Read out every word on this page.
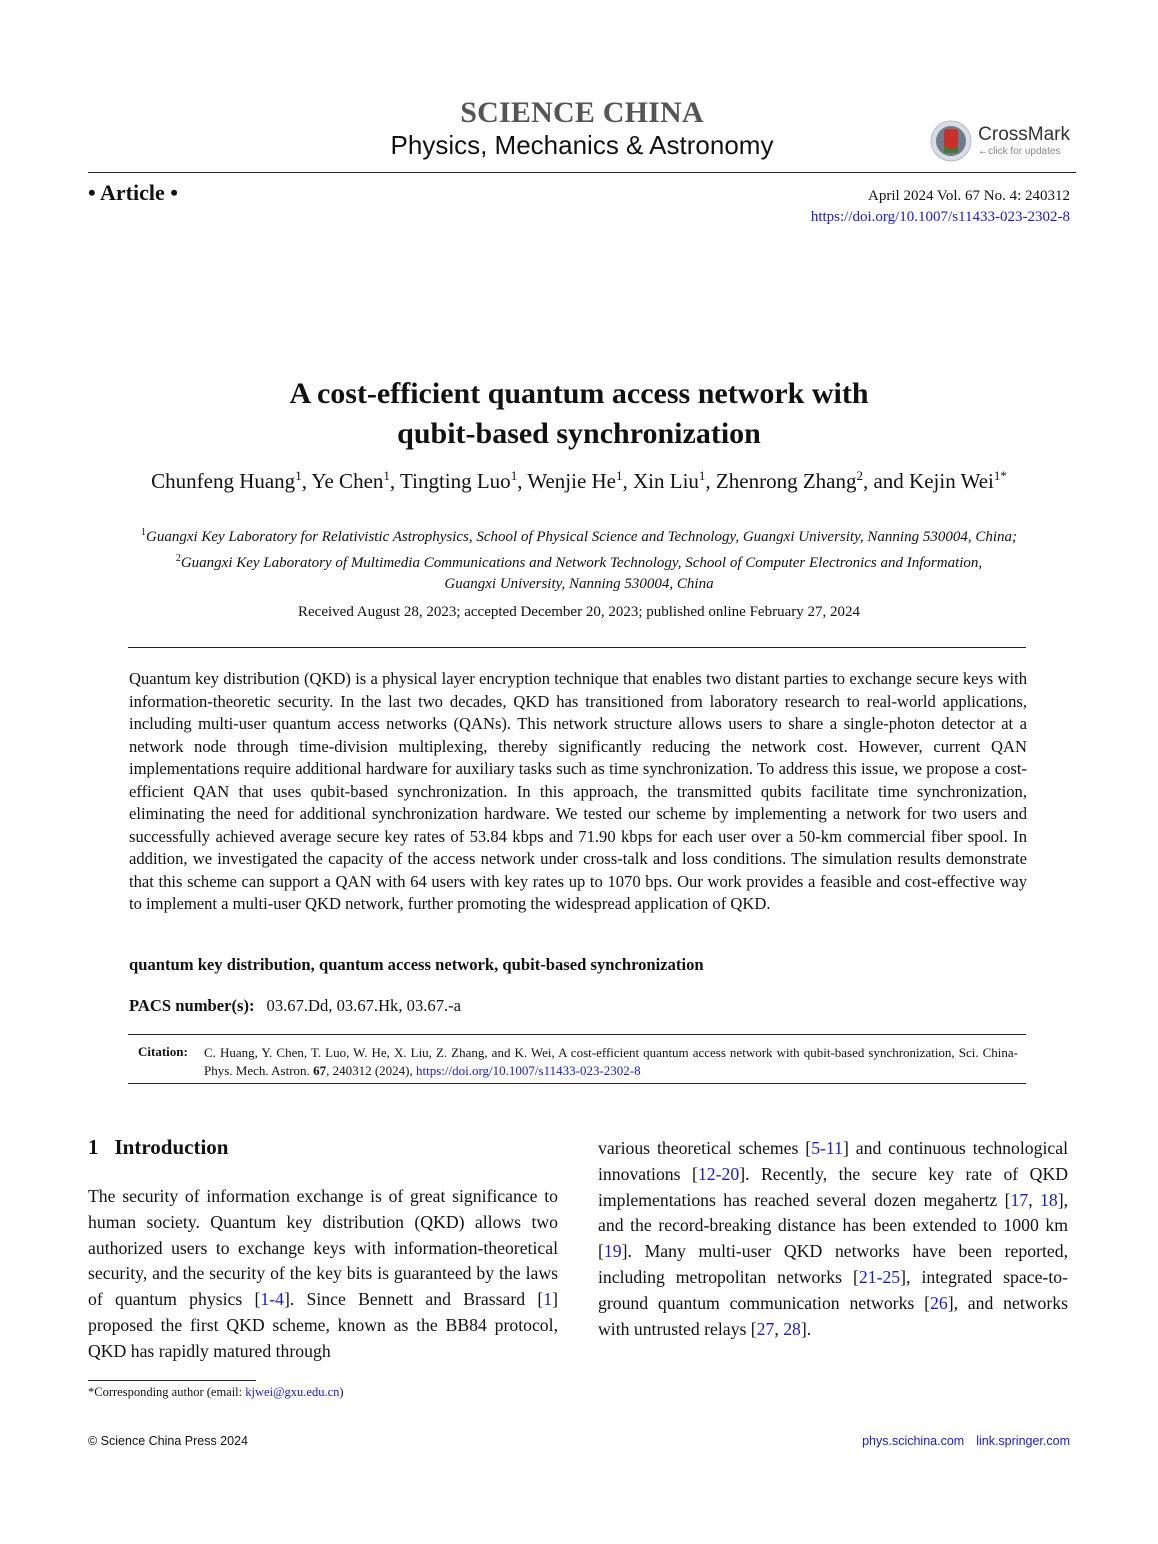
SCIENCE CHINA
Physics, Mechanics & Astronomy	CrossMark
←click for updates
• Article •	April 2024 Vol. 67 No. 4: 240312
https://doi.org/10.1007/s11433-023-2302-8
A cost-efficient quantum access network with
qubit-based synchronization
Chunfeng Huang$^1$, Ye Chen$^1$, Tingting Luo$^1$, Wenjie He$^1$, Xin Liu$^1$, Zhenrong Zhang$^2$, and Kejin Wei$^{1*}$
$^1$Guangxi Key Laboratory for Relativistic Astrophysics, School of Physical Science and Technology, Guangxi University, Nanning 530004, China;
$^2$Guangxi Key Laboratory of Multimedia Communications and Network Technology, School of Computer Electronics and Information,
Guangxi University, Nanning 530004, China
Received August 28, 2023; accepted December 20, 2023; published online February 27, 2024
Quantum key distribution (QKD) is a physical layer encryption technique that enables two distant parties to exchange secure keys with information-theoretic security. In the last two decades, QKD has transitioned from laboratory research to real-world applications, including multi-user quantum access networks (QANs). This network structure allows users to share a single-photon detector at a network node through time-division multiplexing, thereby significantly reducing the network cost. However, current QAN implementations require additional hardware for auxiliary tasks such as time synchronization. To address this issue, we propose a cost-efficient QAN that uses qubit-based synchronization. In this approach, the transmitted qubits facilitate time synchronization, eliminating the need for additional synchronization hardware. We tested our scheme by implementing a network for two users and successfully achieved average secure key rates of 53.84 kbps and 71.90 kbps for each user over a 50-km commercial fiber spool. In addition, we investigated the capacity of the access network under cross-talk and loss conditions. The simulation results demonstrate that this scheme can support a QAN with 64 users with key rates up to 1070 bps. Our work provides a feasible and cost-effective way to implement a multi-user QKD network, further promoting the widespread application of QKD.
quantum key distribution, quantum access network, qubit-based synchronization
PACS number(s): 03.67.Dd, 03.67.Hk, 03.67.-a
Citation: C. Huang, Y. Chen, T. Luo, W. He, X. Liu, Z. Zhang, and K. Wei, A cost-efficient quantum access network with qubit-based synchronization, Sci. China-Phys. Mech. Astron. 67, 240312 (2024), https://doi.org/10.1007/s11433-023-2302-8
1 Introduction
The security of information exchange is of great significance to human society. Quantum key distribution (QKD) allows two authorized users to exchange keys with information-theoretical security, and the security of the key bits is guaranteed by the laws of quantum physics [1-4]. Since Bennett and Brassard [1] proposed the first QKD scheme, known as the BB84 protocol, QKD has rapidly matured through
various theoretical schemes [5-11] and continuous technological innovations [12-20]. Recently, the secure key rate of QKD implementations has reached several dozen megahertz [17, 18], and the record-breaking distance has been extended to 1000 km [19]. Many multi-user QKD networks have been reported, including metropolitan networks [21-25], integrated space-to-ground quantum communication networks [26], and networks with untrusted relays [27, 28].
*Corresponding author (email: kjwei@gxu.edu.cn)
© Science China Press 2024	phys.scichina.com link.springer.com
